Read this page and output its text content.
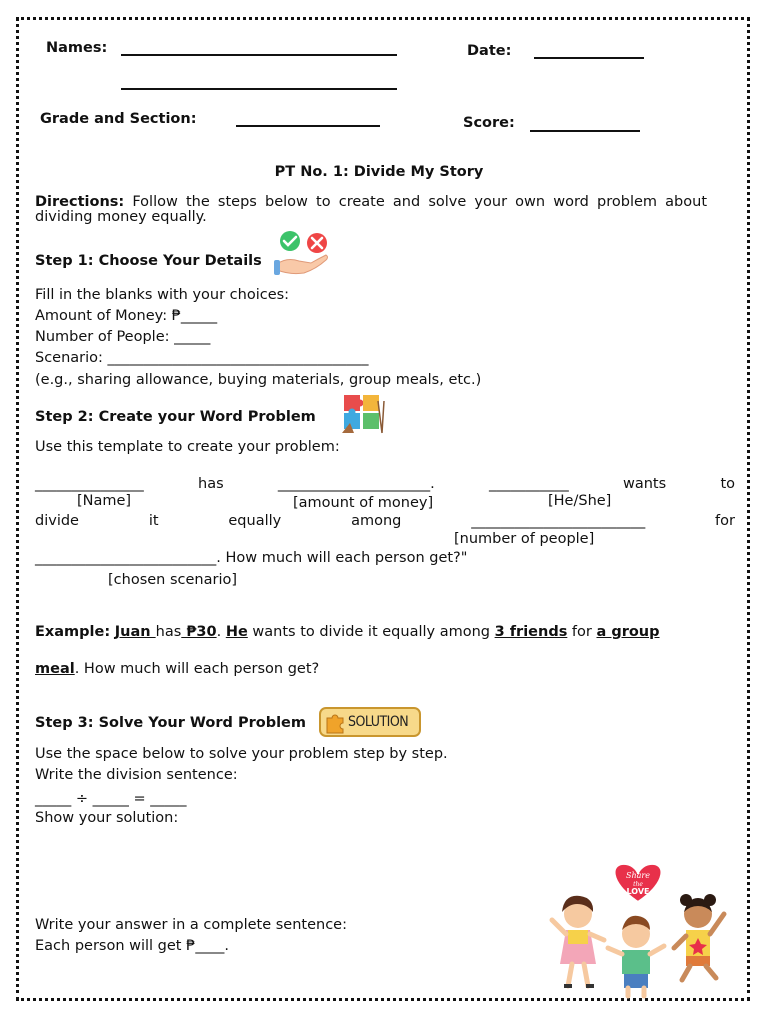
Names:	Date:
Grade and Section:	Score:
PT No. 1: Divide My Story
Directions: Follow the steps below to create and solve your own word problem about dividing money equally.
Step 1: Choose Your Details
Fill in the blanks with your choices:
Amount of Money: ₱_____
Number of People: _____
Scenario: ____________________________________
(e.g., sharing allowance, buying materials, group meals, etc.)
Step 2: Create your Word Problem
Use this template to create your problem:
_______________	has	_____________________.	___________	wants	to
[Name]	[amount of money]	[He/She]
divide	it	equally	among	________________________	for
[number of people]
_________________________. How much will each person get?"
[chosen scenario]
Example: Juan has ₱30. He wants to divide it equally among 3 friends for a group
meal. How much will each person get?
Step 3: Solve Your Word Problem	SOLUTION
Use the space below to solve your problem step by step.
Write the division sentence:
_____ ÷ _____ = _____
Show your solution:
Write your answer in a complete sentence:
Each person will get ₱____.
Share
the
LOVE
